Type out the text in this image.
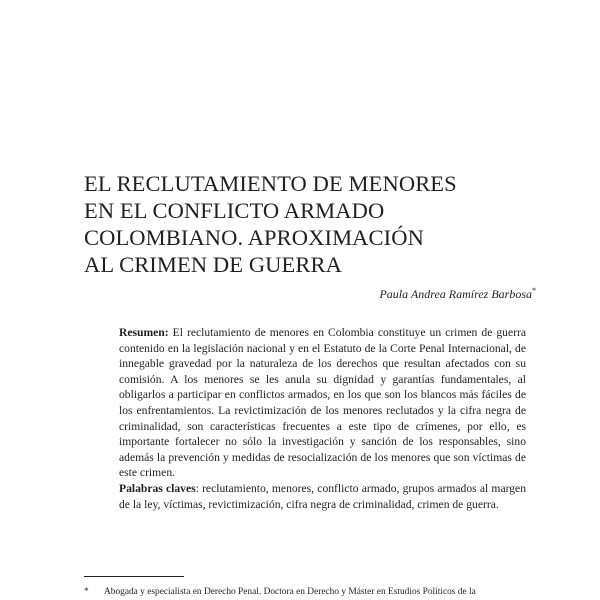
EL RECLUTAMIENTO DE MENORES
EN EL CONFLICTO ARMADO
COLOMBIANO. APROXIMACIÓN
AL CRIMEN DE GUERRA
Paula Andrea Ramírez Barbosa*

Resumen: El reclutamiento de menores en Colombia constituye un crimen de guerra contenido en la legislación nacional y en el Estatuto de la Corte Penal Internacional, de innegable gravedad por la naturaleza de los derechos que resultan afectados con su comisión. A los menores se les anula su dignidad y garantías fundamentales, al obligarlos a participar en conflictos armados, en los que son los blancos más fáciles de los enfrentamientos. La revictimización de los menores reclutados y la cifra negra de criminalidad, son características frecuentes a este tipo de crímenes, por ello, es importante fortalecer no sólo la investigación y sanción de los responsables, sino además la prevención y medidas de resocialización de los menores que son víctimas de este crimen.

Palabras claves: reclutamiento, menores, conflicto armado, grupos armados al margen de la ley, víctimas, revictimización, cifra negra de criminalidad, crimen de guerra.

* Abogada y especialista en Derecho Penal. Doctora en Derecho y Máster en Estudios Políticos de la
